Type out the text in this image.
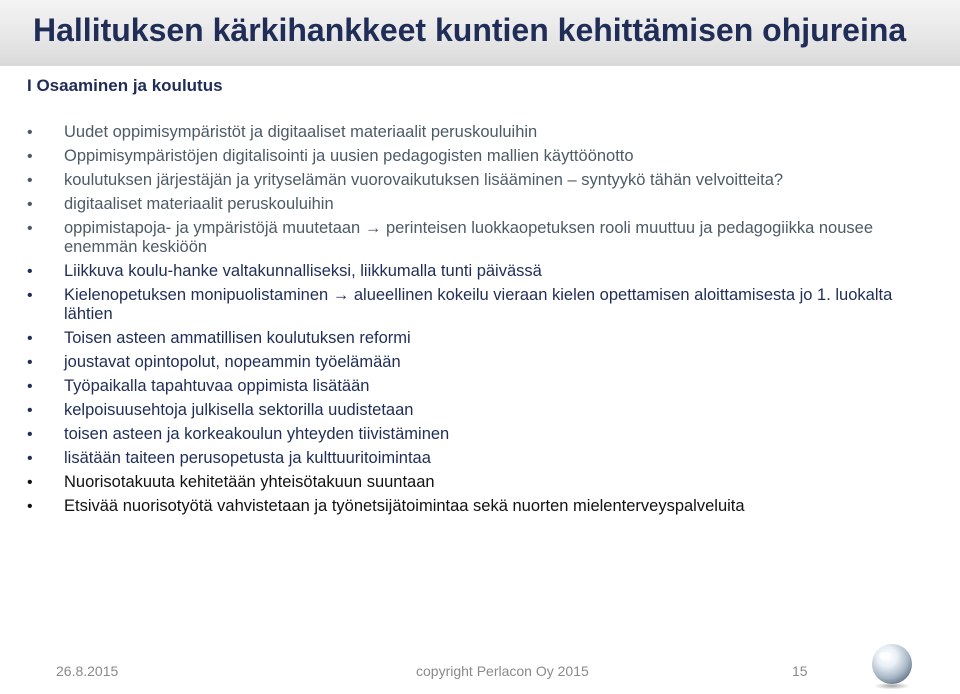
Hallituksen kärkihankkeet kuntien kehittämisen ohjureina
I Osaaminen ja koulutus
• Uudet oppimisympäristöt ja digitaaliset materiaalit peruskouluihin
• Oppimisympäristöjen digitalisointi ja uusien pedagogisten mallien käyttöönotto
• koulutuksen järjestäjän ja yrityselämän vuorovaikutuksen lisääminen – syntyykö tähän velvoitteita?
• digitaaliset materiaalit peruskouluihin
• oppimistapoja- ja ympäristöjä muutetaan → perinteisen luokkaopetuksen rooli muuttuu ja pedagogiikka nousee enemmän keskiöön
• Liikkuva koulu-hanke valtakunnalliseksi, liikkumalla tunti päivässä
• Kielenopetuksen monipuolistaminen → alueellinen kokeilu vieraan kielen opettamisen aloittamisesta jo 1. luokalta lähtien
• Toisen asteen ammatillisen koulutuksen reformi
• joustavat opintopolut, nopeammin työelämään
• Työpaikalla tapahtuvaa oppimista lisätään
• kelpoisuusehtoja julkisella sektorilla uudistetaan
• toisen asteen ja korkeakoulun yhteyden tiivistäminen
• lisätään taiteen perusopetusta ja kulttuuritoimintaa
• Nuorisotakuuta kehitetään yhteisötakuun suuntaan
• Etsivää nuorisotyötä vahvistetaan ja työnetsijätoimintaa sekä nuorten mielenterveyspalveluita
26.8.2015	copyright Perlacon Oy 2015	15
